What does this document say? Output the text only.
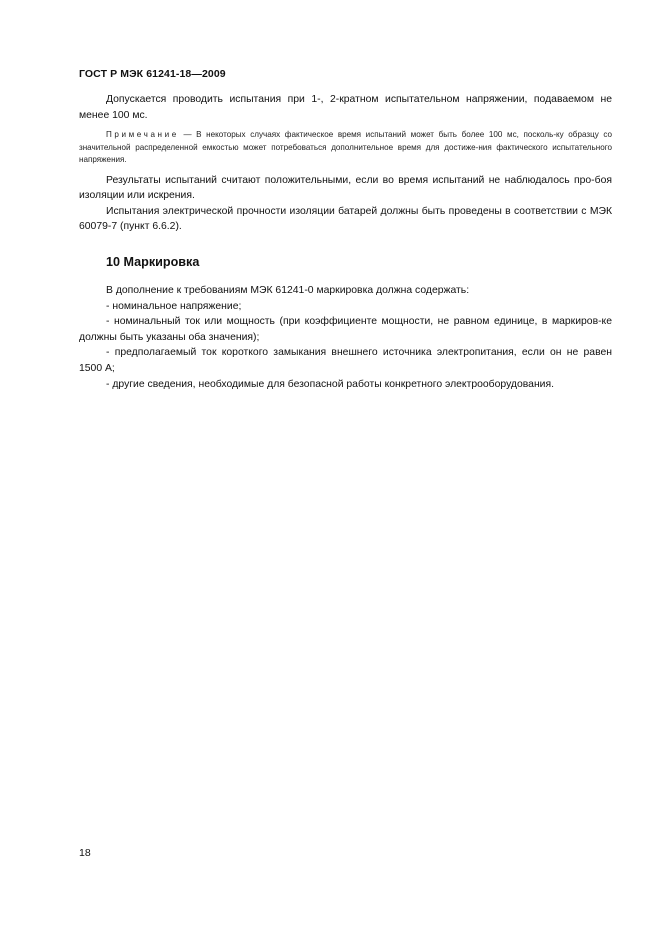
ГОСТ Р МЭК 61241-18—2009

Допускается проводить испытания при 1-, 2-кратном испытательном напряжении, подаваемом не менее 100 мс.

Примечание — В некоторых случаях фактическое время испытаний может быть более 100 мс, посколь-ку образцу со значительной распределенной емкостью может потребоваться дополнительное время для достиже-ния фактического испытательного напряжения.

Результаты испытаний считают положительными, если во время испытаний не наблюдалось про-боя изоляции или искрения.

Испытания электрической прочности изоляции батарей должны быть проведены в соответствии с МЭК 60079-7 (пункт 6.6.2).

10 Маркировка

В дополнение к требованиям МЭК 61241-0 маркировка должна содержать:

- номинальное напряжение;

- номинальный ток или мощность (при коэффициенте мощности, не равном единице, в маркиров-ке должны быть указаны оба значения);

- предполагаемый ток короткого замыкания внешнего источника электропитания, если он не равен 1500 А;

- другие сведения, необходимые для безопасной работы конкретного электрооборудования.

18
